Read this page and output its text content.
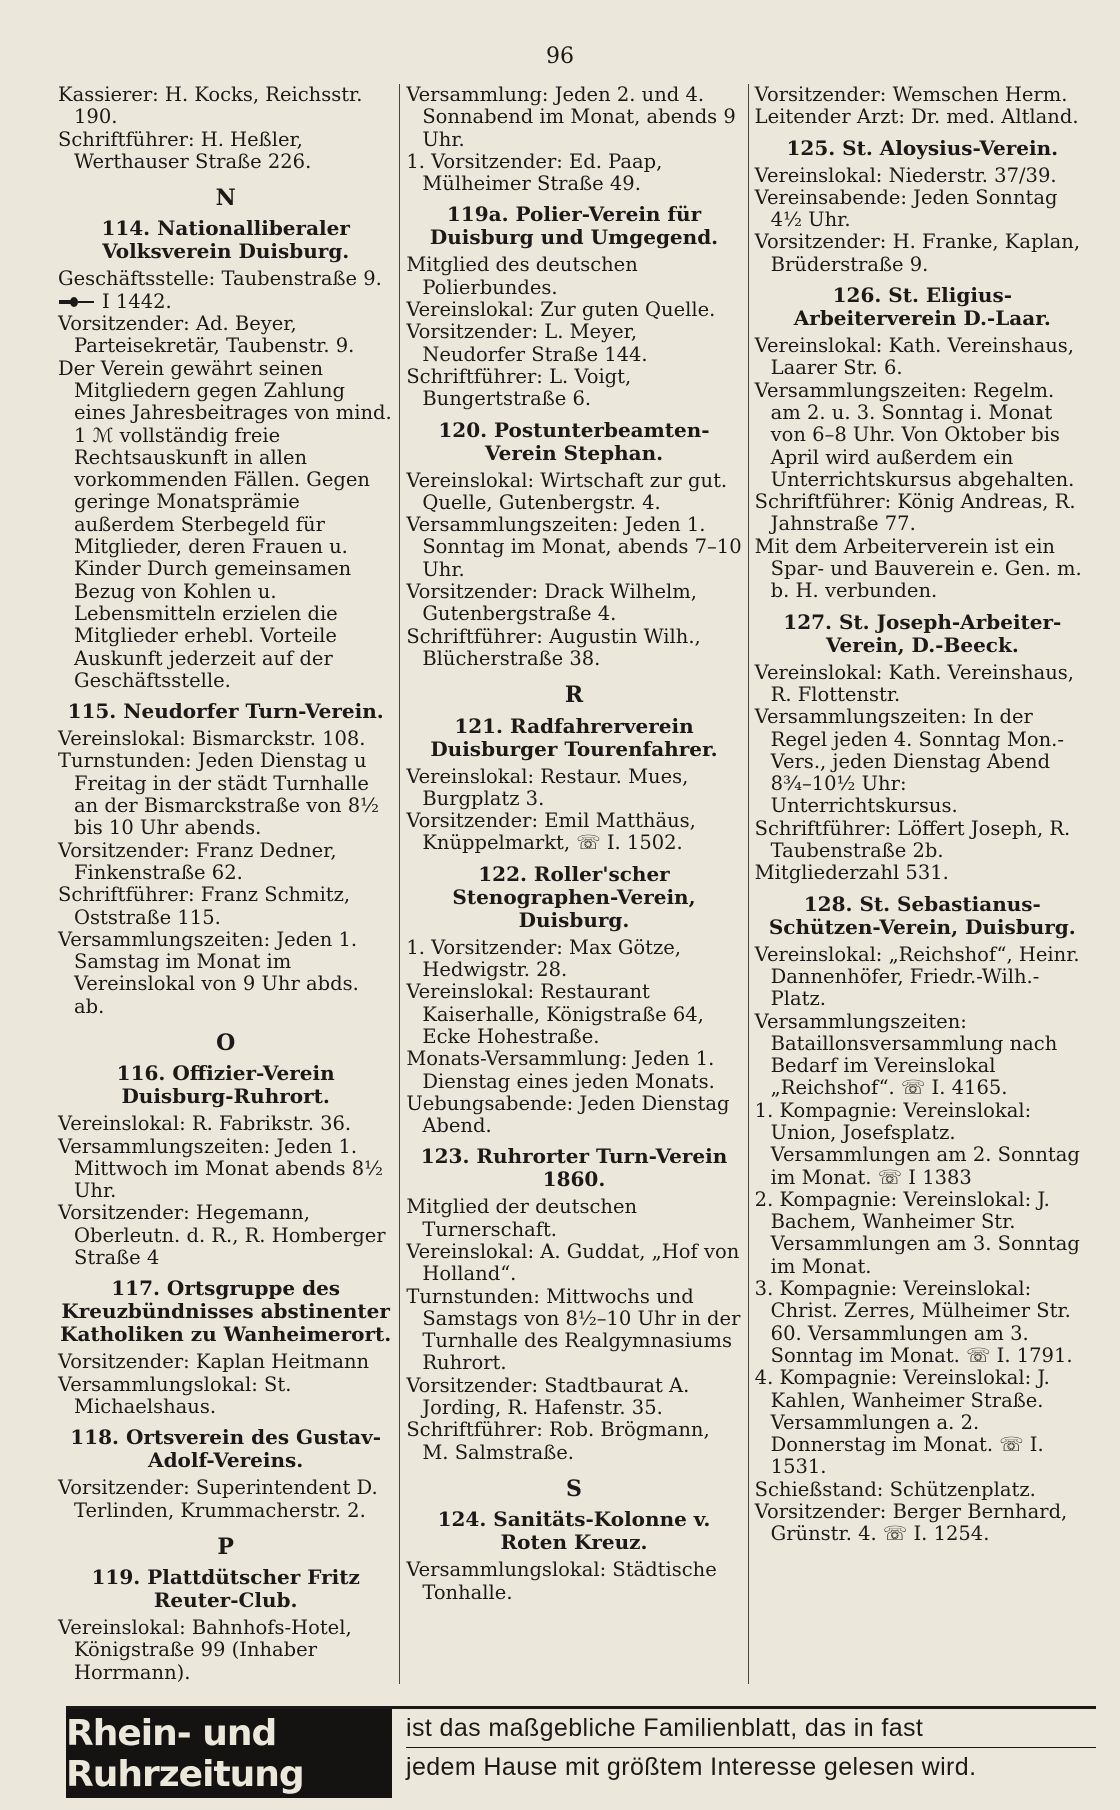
96
Kassierer: H. Kocks, Reichsstr. 190.
Schriftführer: H. Heßler, Werthauser Straße 226.
N
114. Nationalliberaler Volksverein Duisburg.
Geschäftsstelle: Taubenstraße 9.
I 1442.
Vorsitzender: Ad. Beyer, Parteisekretär, Taubenstr. 9.
Der Verein gewährt seinen Mitgliedern gegen Zahlung eines Jahresbeitrages von mind. 1 ℳ vollständig freie Rechtsauskunft in allen vorkommenden Fällen. Gegen geringe Monatsprämie außerdem Sterbegeld für Mitglieder, deren Frauen u. Kinder Durch gemeinsamen Bezug von Kohlen u. Lebensmitteln erzielen die Mitglieder erhebl. Vorteile Auskunft jederzeit auf der Geschäftsstelle.
115. Neudorfer Turn-Verein.
Vereinslokal: Bismarckstr. 108.
Turnstunden: Jeden Dienstag u Freitag in der städt Turnhalle an der Bismarckstraße von 8½ bis 10 Uhr abends.
Vorsitzender: Franz Dedner, Finkenstraße 62.
Schriftführer: Franz Schmitz, Oststraße 115.
Versammlungszeiten: Jeden 1. Samstag im Monat im Vereinslokal von 9 Uhr abds. ab.
O
116. Offizier-Verein Duisburg-Ruhrort.
Vereinslokal: R. Fabrikstr. 36.
Versammlungszeiten: Jeden 1. Mittwoch im Monat abends 8½ Uhr.
Vorsitzender: Hegemann, Oberleutn. d. R., R. Homberger Straße 4
117. Ortsgruppe des Kreuzbündnisses abstinenter Katholiken zu Wanheimerort.
Vorsitzender: Kaplan Heitmann
Versammlungslokal: St. Michaelshaus.
118. Ortsverein des Gustav-Adolf-Vereins.
Vorsitzender: Superintendent D. Terlinden, Krummacherstr. 2.
P
119. Plattdütscher Fritz Reuter-Club.
Vereinslokal: Bahnhofs-Hotel, Königstraße 99 (Inhaber Horrmann).
Versammlung: Jeden 2. und 4. Sonnabend im Monat, abends 9 Uhr.
1. Vorsitzender: Ed. Paap, Mülheimer Straße 49.
119a. Polier-Verein für Duisburg und Umgegend.
Mitglied des deutschen Polierbundes.
Vereinslokal: Zur guten Quelle.
Vorsitzender: L. Meyer, Neudorfer Straße 144.
Schriftführer: L. Voigt, Bungertstraße 6.
120. Postunterbeamten-Verein Stephan.
Vereinslokal: Wirtschaft zur gut. Quelle, Gutenbergstr. 4.
Versammlungszeiten: Jeden 1. Sonntag im Monat, abends 7–10 Uhr.
Vorsitzender: Drack Wilhelm, Gutenbergstraße 4.
Schriftführer: Augustin Wilh., Blücherstraße 38.
R
121. Radfahrerverein Duisburger Tourenfahrer.
Vereinslokal: Restaur. Mues, Burgplatz 3.
Vorsitzender: Emil Matthäus, Knüppelmarkt, ☏ I. 1502.
122. Roller'scher Stenographen-Verein, Duisburg.
1. Vorsitzender: Max Götze, Hedwigstr. 28.
Vereinslokal: Restaurant Kaiserhalle, Königstraße 64, Ecke Hohestraße.
Monats-Versammlung: Jeden 1. Dienstag eines jeden Monats.
Uebungsabende: Jeden Dienstag Abend.
123. Ruhrorter Turn-Verein 1860.
Mitglied der deutschen Turnerschaft.
Vereinslokal: A. Guddat, „Hof von Holland“.
Turnstunden: Mittwochs und Samstags von 8½–10 Uhr in der Turnhalle des Realgymnasiums Ruhrort.
Vorsitzender: Stadtbaurat A. Jording, R. Hafenstr. 35.
Schriftführer: Rob. Brögmann, M. Salmstraße.
S
124. Sanitäts-Kolonne v. Roten Kreuz.
Versammlungslokal: Städtische Tonhalle.
Vorsitzender: Wemschen Herm.
Leitender Arzt: Dr. med. Altland.
125. St. Aloysius-Verein.
Vereinslokal: Niederstr. 37/39.
Vereinsabende: Jeden Sonntag 4½ Uhr.
Vorsitzender: H. Franke, Kaplan, Brüderstraße 9.
126. St. Eligius-Arbeiterverein D.-Laar.
Vereinslokal: Kath. Vereinshaus, Laarer Str. 6.
Versammlungszeiten: Regelm. am 2. u. 3. Sonntag i. Monat von 6–8 Uhr. Von Oktober bis April wird außerdem ein Unterrichtskursus abgehalten.
Schriftführer: König Andreas, R. Jahnstraße 77.
Mit dem Arbeiterverein ist ein Spar- und Bauverein e. Gen. m. b. H. verbunden.
127. St. Joseph-Arbeiter-Verein, D.-Beeck.
Vereinslokal: Kath. Vereinshaus, R. Flottenstr.
Versammlungszeiten: In der Regel jeden 4. Sonntag Mon.-Vers., jeden Dienstag Abend 8¾–10½ Uhr: Unterrichtskursus.
Schriftführer: Löffert Joseph, R. Taubenstraße 2b.
Mitgliederzahl 531.
128. St. Sebastianus-Schützen-Verein, Duisburg.
Vereinslokal: „Reichshof“, Heinr. Dannenhöfer, Friedr.-Wilh.-Platz.
Versammlungszeiten: Bataillonsversammlung nach Bedarf im Vereinslokal „Reichshof“. ☏ I. 4165.
1. Kompagnie: Vereinslokal: Union, Josefsplatz. Versammlungen am 2. Sonntag im Monat. ☏ I 1383
2. Kompagnie: Vereinslokal: J. Bachem, Wanheimer Str. Versammlungen am 3. Sonntag im Monat.
3. Kompagnie: Vereinslokal: Christ. Zerres, Mülheimer Str. 60. Versammlungen am 3. Sonntag im Monat. ☏ I. 1791.
4. Kompagnie: Vereinslokal: J. Kahlen, Wanheimer Straße. Versammlungen a. 2. Donnerstag im Monat. ☏ I. 1531.
Schießstand: Schützenplatz.
Vorsitzender: Berger Bernhard, Grünstr. 4. ☏ I. 1254.
Rhein- und Ruhrzeitung
ist das maßgebliche Familienblatt, das in fast
jedem Hause mit größtem Interesse gelesen wird.
